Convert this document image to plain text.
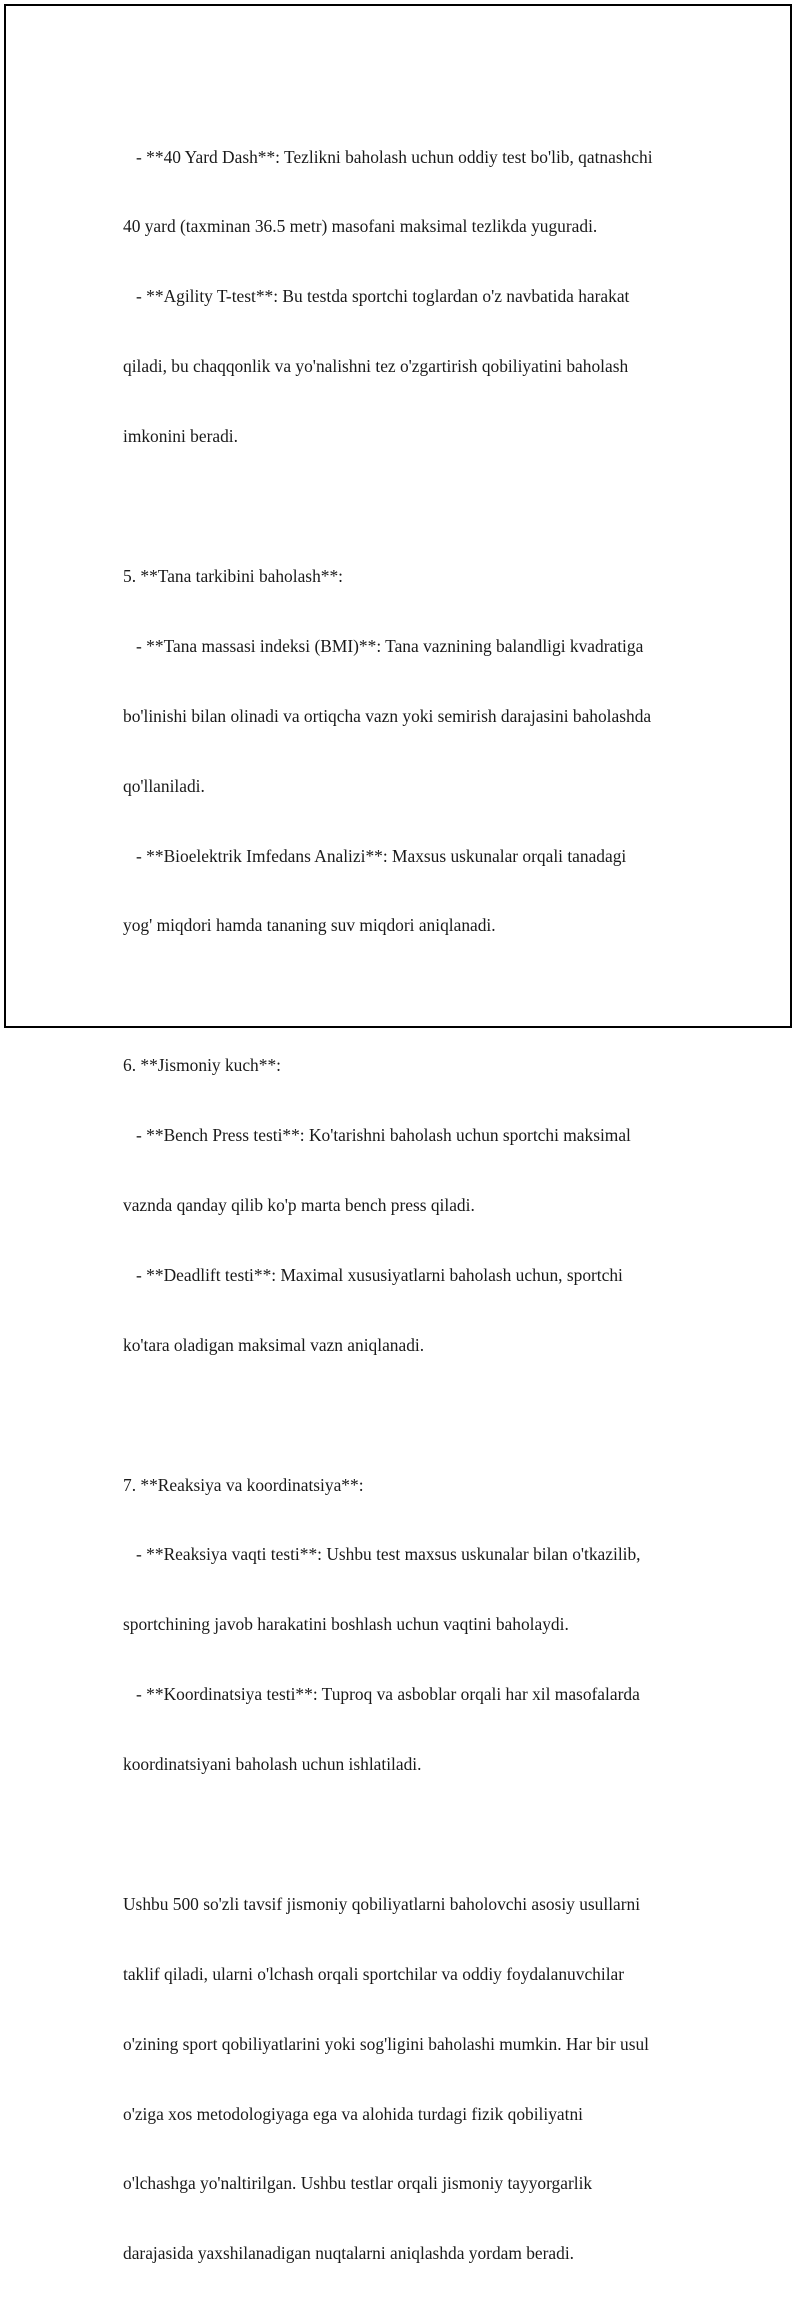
- **40 Yard Dash**: Tezlikni baholash uchun oddiy test bo'lib, qatnashchi

40 yard (taxminan 36.5 metr) masofani maksimal tezlikda yuguradi.

- **Agility T-test**: Bu testda sportchi toglardan o'z navbatida harakat

qiladi, bu chaqqonlik va yo'nalishni tez o'zgartirish qobiliyatini baholash

imkonini beradi.

5. **Tana tarkibini baholash**:

- **Tana massasi indeksi (BMI)**: Tana vaznining balandligi kvadratiga

bo'linishi bilan olinadi va ortiqcha vazn yoki semirish darajasini baholashda

qo'llaniladi.

- **Bioelektrik Imfedans Analizi**: Maxsus uskunalar orqali tanadagi

yog' miqdori hamda tananing suv miqdori aniqlanadi.

6. **Jismoniy kuch**:

- **Bench Press testi**: Ko'tarishni baholash uchun sportchi maksimal

vaznda qanday qilib ko'p marta bench press qiladi.

- **Deadlift testi**: Maximal xususiyatlarni baholash uchun, sportchi

ko'tara oladigan maksimal vazn aniqlanadi.

7. **Reaksiya va koordinatsiya**:

- **Reaksiya vaqti testi**: Ushbu test maxsus uskunalar bilan o'tkazilib,

sportchining javob harakatini boshlash uchun vaqtini baholaydi.

- **Koordinatsiya testi**: Tuproq va asboblar orqali har xil masofalarda

koordinatsiyani baholash uchun ishlatiladi.

Ushbu 500 so'zli tavsif jismoniy qobiliyatlarni baholovchi asosiy usullarni

taklif qiladi, ularni o'lchash orqali sportchilar va oddiy foydalanuvchilar

o'zining sport qobiliyatlarini yoki sog'ligini baholashi mumkin. Har bir usul

o'ziga xos metodologiyaga ega va alohida turdagi fizik qobiliyatni

o'lchashga yo'naltirilgan. Ushbu testlar orqali jismoniy tayyorgarlik

darajasida yaxshilanadigan nuqtalarni aniqlashda yordam beradi.
